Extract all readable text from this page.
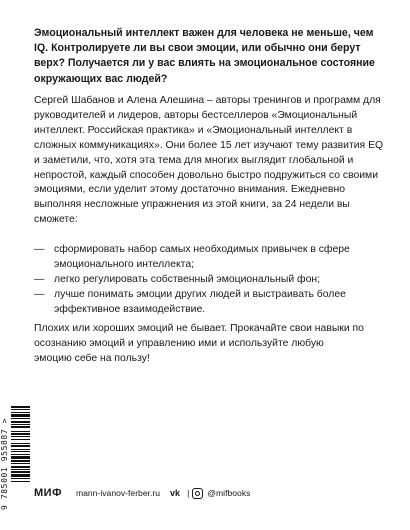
Эмоциональный интеллект важен для человека не меньше, чем IQ. Контролируете ли вы свои эмоции, или обычно они берут верх? Получается ли у вас влиять на эмоциональное состояние окружающих вас людей?

Сергей Шабанов и Алена Алешина – авторы тренингов и программ для руководителей и лидеров, авторы бестселлеров «Эмоциональный интеллект. Российская практика» и «Эмоциональный интеллект в сложных коммуникациях». Они более 15 лет изучают тему развития EQ и заметили, что, хотя эта тема для многих выглядит глобальной и непростой, каждый способен довольно быстро подружиться со своими эмоциями, если уделит этому достаточно внимания. Ежедневно выполняя несложные упражнения из этой книги, за 24 недели вы сможете:

— сформировать набор самых необходимых привычек в сфере эмоционального интеллекта;
— легко регулировать собственный эмоциональный фон;
— лучше понимать эмоции других людей и выстраивать более эффективное взаимодействие.

Плохих или хороших эмоций не бывает. Прокачайте свои навыки по осознанию эмоций и управлению ими и используйте любую эмоцию себе на пользу!

9 785001 955887 >
МИФ mann-ivanov-ferber.ru vk | @mifbooks
